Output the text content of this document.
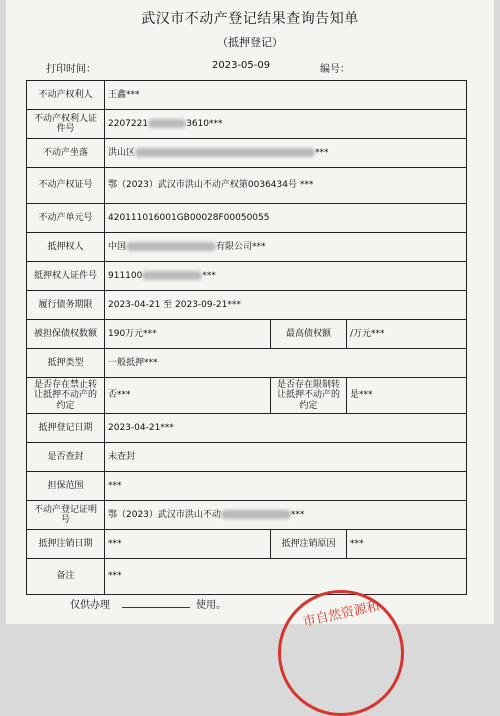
武汉市不动产登记结果查询告知单
（抵押登记）
打印时间：	2023-05-09	编号：
不动产权利人	王鑫***		
不动产权利人证件号	2207221 3610***		
不动产坐落	洪山区 ***		
不动产权证号	鄂（2023）武汉市洪山不动产权第0036434号 ***		
不动产单元号	420111016001GB00028F00050055		
抵押权人	中国 有限公司***		
抵押权人证件号	911100 ***		
履行债务期限	2023-04-21 至 2023-09-21***		
被担保债权数额	190万元***	最高债权额	/万元***
抵押类型	一般抵押***		
是否存在禁止转让抵押不动产的约定	否***	是否存在限制转让抵押不动产的约定	是***
抵押登记日期	2023-04-21***		
是否查封	未查封		
担保范围	***		
不动产登记证明号	鄂（2023）武汉市洪山不动 ***		
抵押注销日期	***	抵押注销原因	***
备注	***		
仅供办理	使用。	市自然资源和
